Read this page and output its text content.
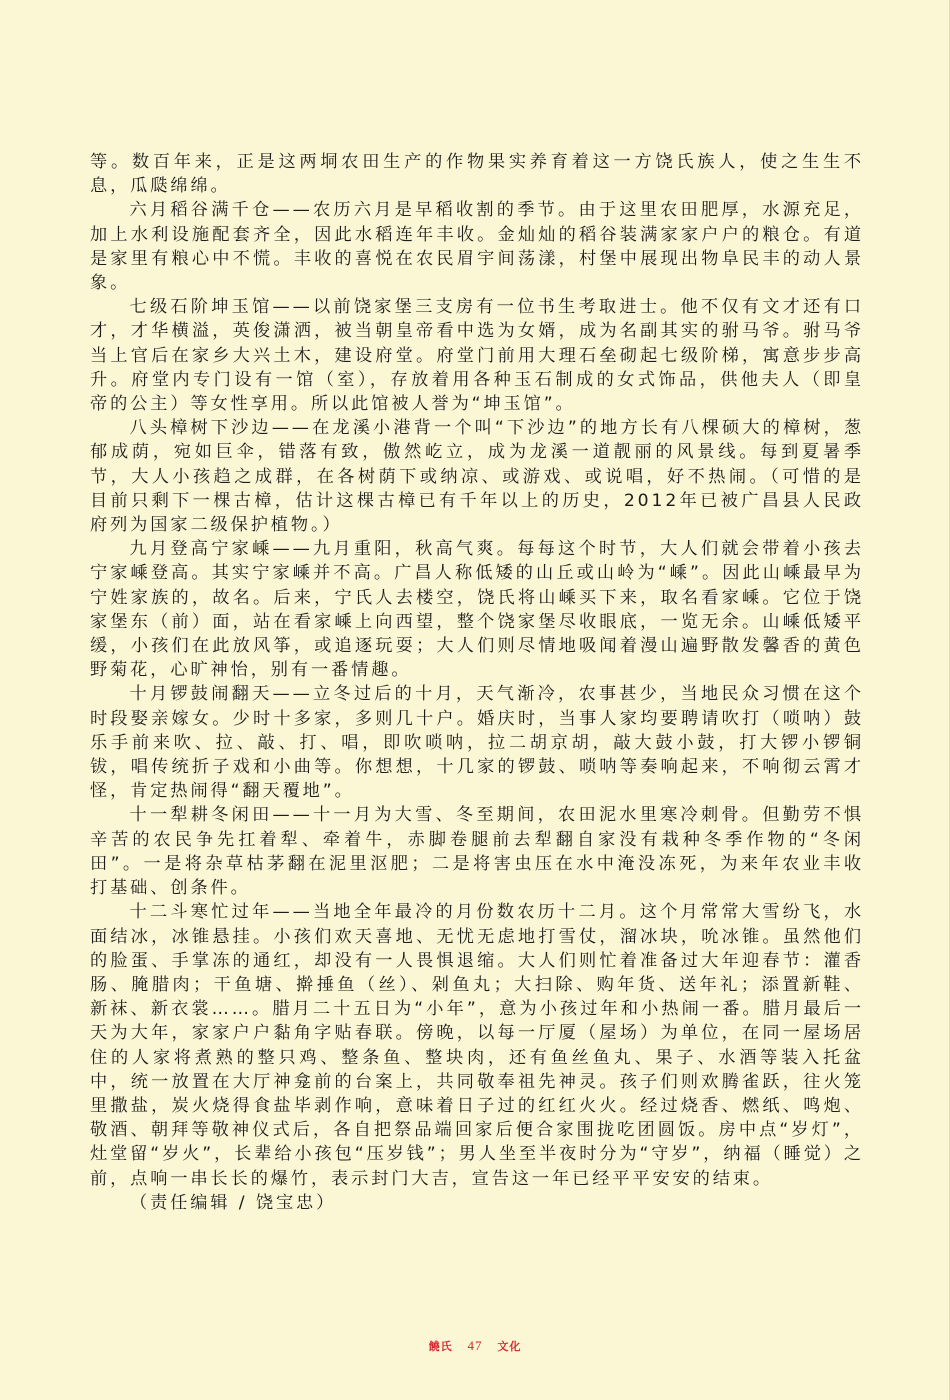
等。数百年来，正是这两垌农田生产的作物果实养育着这一方饶氏族人，使之生生不息，瓜瓞绵绵。

六月稻谷满千仓——农历六月是早稻收割的季节。由于这里农田肥厚，水源充足，加上水利设施配套齐全，因此水稻连年丰收。金灿灿的稻谷装满家家户户的粮仓。有道是家里有粮心中不慌。丰收的喜悦在农民眉宇间荡漾，村堡中展现出物阜民丰的动人景象。

七级石阶坤玉馆——以前饶家堡三支房有一位书生考取进士。他不仅有文才还有口才，才华横溢，英俊潇洒，被当朝皇帝看中选为女婿，成为名副其实的驸马爷。驸马爷当上官后在家乡大兴土木，建设府堂。府堂门前用大理石垒砌起七级阶梯，寓意步步高升。府堂内专门设有一馆（室），存放着用各种玉石制成的女式饰品，供他夫人（即皇帝的公主）等女性享用。所以此馆被人誉为“坤玉馆”。

八头樟树下沙边——在龙溪小港背一个叫“下沙边”的地方长有八棵硕大的樟树，葱郁成荫，宛如巨伞，错落有致，傲然屹立，成为龙溪一道靓丽的风景线。每到夏暑季节，大人小孩趋之成群，在各树荫下或纳凉、或游戏、或说唱，好不热闹。（可惜的是目前只剩下一棵古樟，估计这棵古樟已有千年以上的历史，2012年已被广昌县人民政府列为国家二级保护植物。）

九月登高宁家嵊——九月重阳，秋高气爽。每每这个时节，大人们就会带着小孩去宁家嵊登高。其实宁家嵊并不高。广昌人称低矮的山丘或山岭为“嵊”。因此山嵊最早为宁姓家族的，故名。后来，宁氏人去楼空，饶氏将山嵊买下来，取名看家嵊。它位于饶家堡东（前）面，站在看家嵊上向西望，整个饶家堡尽收眼底，一览无余。山嵊低矮平缓，小孩们在此放风筝，或追逐玩耍；大人们则尽情地吸闻着漫山遍野散发馨香的黄色野菊花，心旷神怡，别有一番情趣。

十月锣鼓闹翻天——立冬过后的十月，天气渐冷，农事甚少，当地民众习惯在这个时段娶亲嫁女。少时十多家，多则几十户。婚庆时，当事人家均要聘请吹打（唢呐）鼓乐手前来吹、拉、敲、打、唱，即吹唢呐，拉二胡京胡，敲大鼓小鼓，打大锣小锣铜钹，唱传统折子戏和小曲等。你想想，十几家的锣鼓、唢呐等奏响起来，不响彻云霄才怪，肯定热闹得“翻天覆地”。

十一犁耕冬闲田——十一月为大雪、冬至期间，农田泥水里寒冷刺骨。但勤劳不惧辛苦的农民争先扛着犁、牵着牛，赤脚卷腿前去犁翻自家没有栽种冬季作物的“冬闲田”。一是将杂草枯茅翻在泥里沤肥；二是将害虫压在水中淹没冻死，为来年农业丰收打基础、创条件。

十二斗寒忙过年——当地全年最冷的月份数农历十二月。这个月常常大雪纷飞，水面结冰，冰锥悬挂。小孩们欢天喜地、无忧无虑地打雪仗，溜冰块，吮冰锥。虽然他们的脸蛋、手掌冻的通红，却没有一人畏惧退缩。大人们则忙着准备过大年迎春节：灌香肠、腌腊肉；干鱼塘、擀捶鱼（丝）、剁鱼丸；大扫除、购年货、送年礼；添置新鞋、新袜、新衣裳……。腊月二十五日为“小年”，意为小孩过年和小热闹一番。腊月最后一天为大年，家家户户黏角字贴春联。傍晚，以每一厅厦（屋场）为单位，在同一屋场居住的人家将煮熟的整只鸡、整条鱼、整块肉，还有鱼丝鱼丸、果子、水酒等装入托盆中，统一放置在大厅神龛前的台案上，共同敬奉祖先神灵。孩子们则欢腾雀跃，往火笼里撒盐，炭火烧得食盐毕剥作响，意味着日子过的红红火火。经过烧香、燃纸、鸣炮、敬酒、朝拜等敬神仪式后，各自把祭品端回家后便合家围拢吃团圆饭。房中点“岁灯”，灶堂留“岁火”，长辈给小孩包“压岁钱”；男人坐至半夜时分为“守岁”，纳福（睡觉）之前，点响一串长长的爆竹，表示封门大吉，宣告这一年已经平平安安的结束。

（责任编辑 / 饶宝忠）

饒氏 47 文化
